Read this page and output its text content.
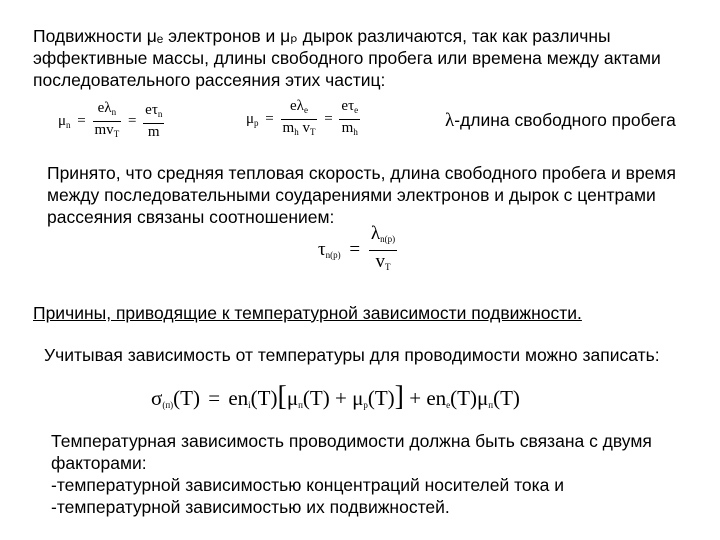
Подвижности μₑ электронов и μₚ дырок различаются, так как различны
эффективные массы, длины свободного пробега или времена между актами
последовательного рассеяния этих частиц:
$\mu_n = \frac{e\lambda_n}{mv_T} = \frac{e\tau_n}{m}$	$\mu_p = \frac{e\lambda_e}{m_h v_T} = \frac{e\tau_e}{m_h}$	λ-длина свободного пробега
Принято, что средняя тепловая скорость, длина свободного пробега и время
между последовательными соударениями электронов и дырок с центрами
рассеяния связаны соотношением:
$\tau_{n(p)} = \frac{\lambda_{n(p)}}{v_T}$
Причины, приводящие к температурной зависимости подвижности.
Учитывая зависимость от температуры для проводимости можно записать:
$\sigma_{(п)}(T) = en_i(T)[\mu_п(T) + \mu_p(T)] + en_e(T)\mu_п(T)$
Температурная зависимость проводимости должна быть связана с двумя
факторами:
-температурной зависимостью концентраций носителей тока и
-температурной зависимостью их подвижностей.
